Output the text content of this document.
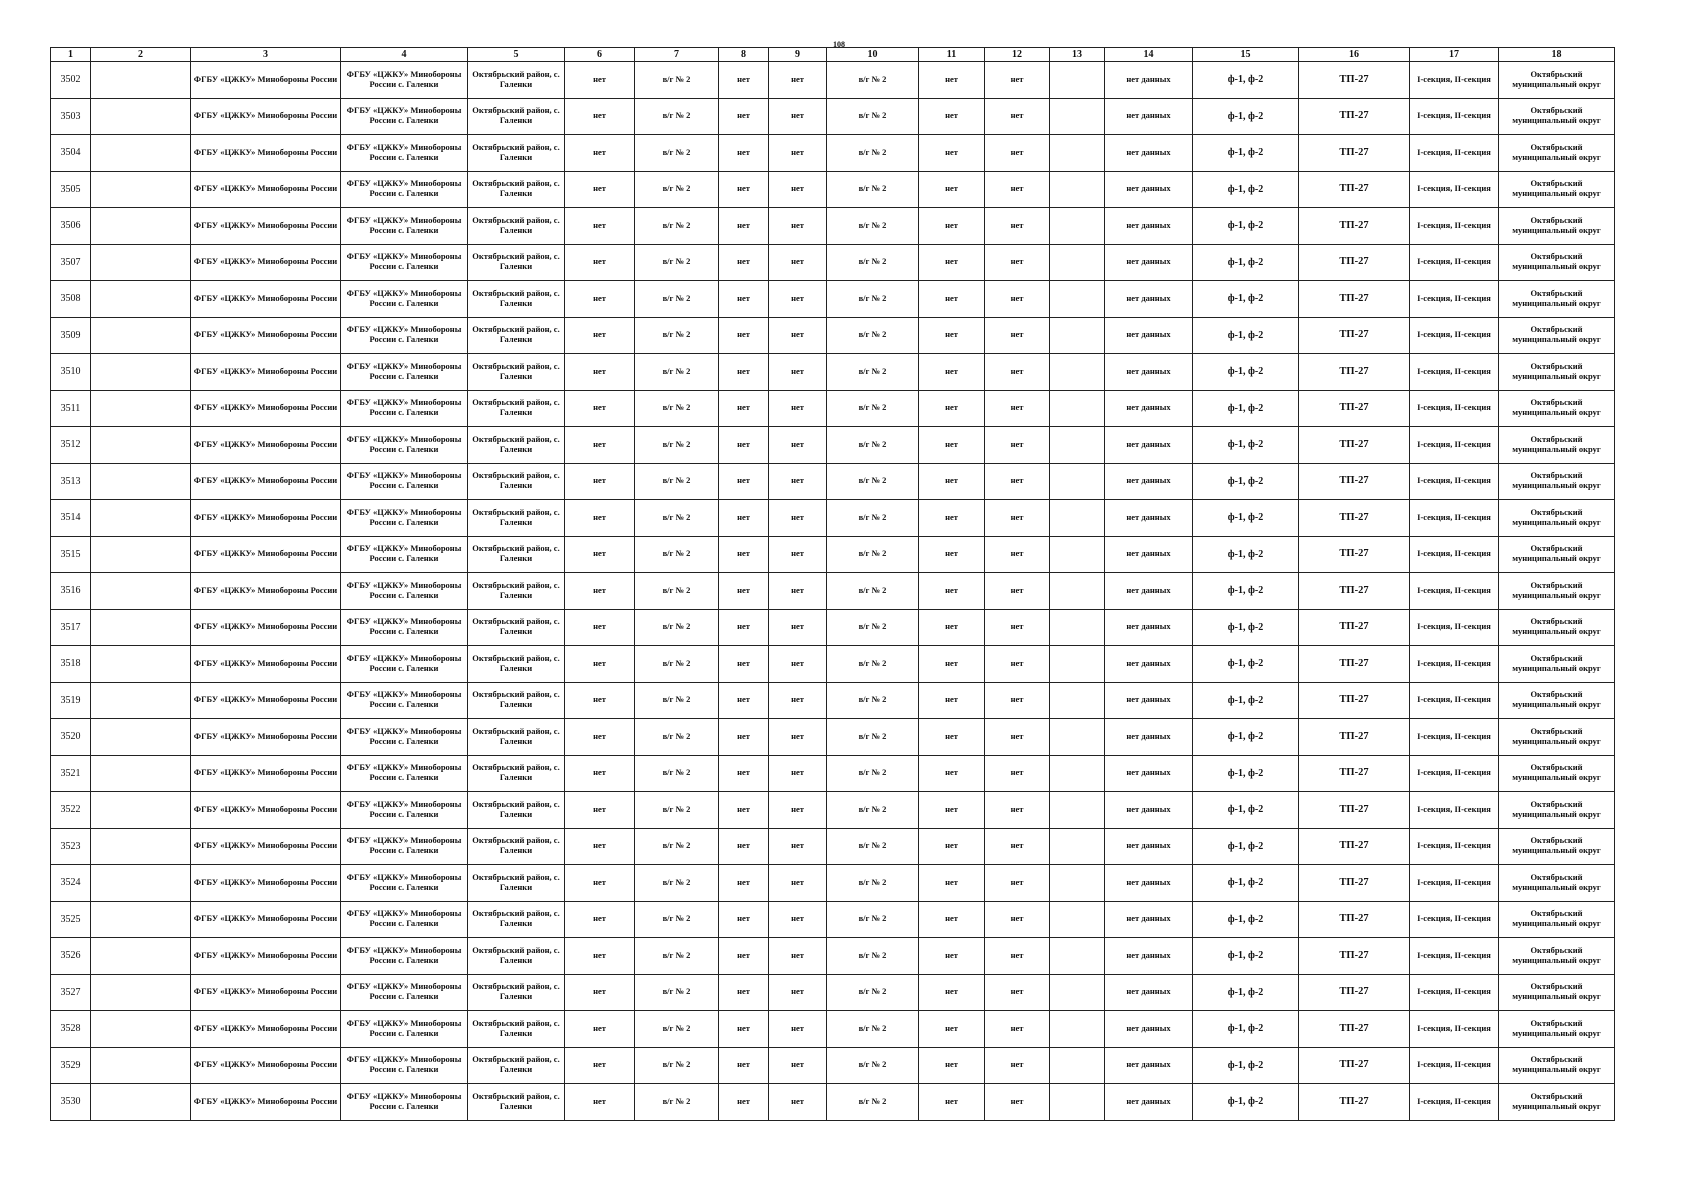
108
1	2	3	4	5	6	7	8	9	10	11	12	13	14	15	16	17	18
3502		ФГБУ «ЦЖКУ» Минобороны России	ФГБУ «ЦЖКУ» Минобороны России с. Галенки	Октябрьский район, с. Галенки	нет	в/г № 2	нет	нет	в/г № 2	нет	нет		нет данных	ф-1, ф-2	ТП-27	I-секция, II-секция	Октябрьский муниципальный округ
3503		ФГБУ «ЦЖКУ» Минобороны России	ФГБУ «ЦЖКУ» Минобороны России с. Галенки	Октябрьский район, с. Галенки	нет	в/г № 2	нет	нет	в/г № 2	нет	нет		нет данных	ф-1, ф-2	ТП-27	I-секция, II-секция	Октябрьский муниципальный округ
3504		ФГБУ «ЦЖКУ» Минобороны России	ФГБУ «ЦЖКУ» Минобороны России с. Галенки	Октябрьский район, с. Галенки	нет	в/г № 2	нет	нет	в/г № 2	нет	нет		нет данных	ф-1, ф-2	ТП-27	I-секция, II-секция	Октябрьский муниципальный округ
3505		ФГБУ «ЦЖКУ» Минобороны России	ФГБУ «ЦЖКУ» Минобороны России с. Галенки	Октябрьский район, с. Галенки	нет	в/г № 2	нет	нет	в/г № 2	нет	нет		нет данных	ф-1, ф-2	ТП-27	I-секция, II-секция	Октябрьский муниципальный округ
3506		ФГБУ «ЦЖКУ» Минобороны России	ФГБУ «ЦЖКУ» Минобороны России с. Галенки	Октябрьский район, с. Галенки	нет	в/г № 2	нет	нет	в/г № 2	нет	нет		нет данных	ф-1, ф-2	ТП-27	I-секция, II-секция	Октябрьский муниципальный округ
3507		ФГБУ «ЦЖКУ» Минобороны России	ФГБУ «ЦЖКУ» Минобороны России с. Галенки	Октябрьский район, с. Галенки	нет	в/г № 2	нет	нет	в/г № 2	нет	нет		нет данных	ф-1, ф-2	ТП-27	I-секция, II-секция	Октябрьский муниципальный округ
3508		ФГБУ «ЦЖКУ» Минобороны России	ФГБУ «ЦЖКУ» Минобороны России с. Галенки	Октябрьский район, с. Галенки	нет	в/г № 2	нет	нет	в/г № 2	нет	нет		нет данных	ф-1, ф-2	ТП-27	I-секция, II-секция	Октябрьский муниципальный округ
3509		ФГБУ «ЦЖКУ» Минобороны России	ФГБУ «ЦЖКУ» Минобороны России с. Галенки	Октябрьский район, с. Галенки	нет	в/г № 2	нет	нет	в/г № 2	нет	нет		нет данных	ф-1, ф-2	ТП-27	I-секция, II-секция	Октябрьский муниципальный округ
3510		ФГБУ «ЦЖКУ» Минобороны России	ФГБУ «ЦЖКУ» Минобороны России с. Галенки	Октябрьский район, с. Галенки	нет	в/г № 2	нет	нет	в/г № 2	нет	нет		нет данных	ф-1, ф-2	ТП-27	I-секция, II-секция	Октябрьский муниципальный округ
3511		ФГБУ «ЦЖКУ» Минобороны России	ФГБУ «ЦЖКУ» Минобороны России с. Галенки	Октябрьский район, с. Галенки	нет	в/г № 2	нет	нет	в/г № 2	нет	нет		нет данных	ф-1, ф-2	ТП-27	I-секция, II-секция	Октябрьский муниципальный округ
3512		ФГБУ «ЦЖКУ» Минобороны России	ФГБУ «ЦЖКУ» Минобороны России с. Галенки	Октябрьский район, с. Галенки	нет	в/г № 2	нет	нет	в/г № 2	нет	нет		нет данных	ф-1, ф-2	ТП-27	I-секция, II-секция	Октябрьский муниципальный округ
3513		ФГБУ «ЦЖКУ» Минобороны России	ФГБУ «ЦЖКУ» Минобороны России с. Галенки	Октябрьский район, с. Галенки	нет	в/г № 2	нет	нет	в/г № 2	нет	нет		нет данных	ф-1, ф-2	ТП-27	I-секция, II-секция	Октябрьский муниципальный округ
3514		ФГБУ «ЦЖКУ» Минобороны России	ФГБУ «ЦЖКУ» Минобороны России с. Галенки	Октябрьский район, с. Галенки	нет	в/г № 2	нет	нет	в/г № 2	нет	нет		нет данных	ф-1, ф-2	ТП-27	I-секция, II-секция	Октябрьский муниципальный округ
3515		ФГБУ «ЦЖКУ» Минобороны России	ФГБУ «ЦЖКУ» Минобороны России с. Галенки	Октябрьский район, с. Галенки	нет	в/г № 2	нет	нет	в/г № 2	нет	нет		нет данных	ф-1, ф-2	ТП-27	I-секция, II-секция	Октябрьский муниципальный округ
3516		ФГБУ «ЦЖКУ» Минобороны России	ФГБУ «ЦЖКУ» Минобороны России с. Галенки	Октябрьский район, с. Галенки	нет	в/г № 2	нет	нет	в/г № 2	нет	нет		нет данных	ф-1, ф-2	ТП-27	I-секция, II-секция	Октябрьский муниципальный округ
3517		ФГБУ «ЦЖКУ» Минобороны России	ФГБУ «ЦЖКУ» Минобороны России с. Галенки	Октябрьский район, с. Галенки	нет	в/г № 2	нет	нет	в/г № 2	нет	нет		нет данных	ф-1, ф-2	ТП-27	I-секция, II-секция	Октябрьский муниципальный округ
3518		ФГБУ «ЦЖКУ» Минобороны России	ФГБУ «ЦЖКУ» Минобороны России с. Галенки	Октябрьский район, с. Галенки	нет	в/г № 2	нет	нет	в/г № 2	нет	нет		нет данных	ф-1, ф-2	ТП-27	I-секция, II-секция	Октябрьский муниципальный округ
3519		ФГБУ «ЦЖКУ» Минобороны России	ФГБУ «ЦЖКУ» Минобороны России с. Галенки	Октябрьский район, с. Галенки	нет	в/г № 2	нет	нет	в/г № 2	нет	нет		нет данных	ф-1, ф-2	ТП-27	I-секция, II-секция	Октябрьский муниципальный округ
3520		ФГБУ «ЦЖКУ» Минобороны России	ФГБУ «ЦЖКУ» Минобороны России с. Галенки	Октябрьский район, с. Галенки	нет	в/г № 2	нет	нет	в/г № 2	нет	нет		нет данных	ф-1, ф-2	ТП-27	I-секция, II-секция	Октябрьский муниципальный округ
3521		ФГБУ «ЦЖКУ» Минобороны России	ФГБУ «ЦЖКУ» Минобороны России с. Галенки	Октябрьский район, с. Галенки	нет	в/г № 2	нет	нет	в/г № 2	нет	нет		нет данных	ф-1, ф-2	ТП-27	I-секция, II-секция	Октябрьский муниципальный округ
3522		ФГБУ «ЦЖКУ» Минобороны России	ФГБУ «ЦЖКУ» Минобороны России с. Галенки	Октябрьский район, с. Галенки	нет	в/г № 2	нет	нет	в/г № 2	нет	нет		нет данных	ф-1, ф-2	ТП-27	I-секция, II-секция	Октябрьский муниципальный округ
3523		ФГБУ «ЦЖКУ» Минобороны России	ФГБУ «ЦЖКУ» Минобороны России с. Галенки	Октябрьский район, с. Галенки	нет	в/г № 2	нет	нет	в/г № 2	нет	нет		нет данных	ф-1, ф-2	ТП-27	I-секция, II-секция	Октябрьский муниципальный округ
3524		ФГБУ «ЦЖКУ» Минобороны России	ФГБУ «ЦЖКУ» Минобороны России с. Галенки	Октябрьский район, с. Галенки	нет	в/г № 2	нет	нет	в/г № 2	нет	нет		нет данных	ф-1, ф-2	ТП-27	I-секция, II-секция	Октябрьский муниципальный округ
3525		ФГБУ «ЦЖКУ» Минобороны России	ФГБУ «ЦЖКУ» Минобороны России с. Галенки	Октябрьский район, с. Галенки	нет	в/г № 2	нет	нет	в/г № 2	нет	нет		нет данных	ф-1, ф-2	ТП-27	I-секция, II-секция	Октябрьский муниципальный округ
3526		ФГБУ «ЦЖКУ» Минобороны России	ФГБУ «ЦЖКУ» Минобороны России с. Галенки	Октябрьский район, с. Галенки	нет	в/г № 2	нет	нет	в/г № 2	нет	нет		нет данных	ф-1, ф-2	ТП-27	I-секция, II-секция	Октябрьский муниципальный округ
3527		ФГБУ «ЦЖКУ» Минобороны России	ФГБУ «ЦЖКУ» Минобороны России с. Галенки	Октябрьский район, с. Галенки	нет	в/г № 2	нет	нет	в/г № 2	нет	нет		нет данных	ф-1, ф-2	ТП-27	I-секция, II-секция	Октябрьский муниципальный округ
3528		ФГБУ «ЦЖКУ» Минобороны России	ФГБУ «ЦЖКУ» Минобороны России с. Галенки	Октябрьский район, с. Галенки	нет	в/г № 2	нет	нет	в/г № 2	нет	нет		нет данных	ф-1, ф-2	ТП-27	I-секция, II-секция	Октябрьский муниципальный округ
3529		ФГБУ «ЦЖКУ» Минобороны России	ФГБУ «ЦЖКУ» Минобороны России с. Галенки	Октябрьский район, с. Галенки	нет	в/г № 2	нет	нет	в/г № 2	нет	нет		нет данных	ф-1, ф-2	ТП-27	I-секция, II-секция	Октябрьский муниципальный округ
3530		ФГБУ «ЦЖКУ» Минобороны России	ФГБУ «ЦЖКУ» Минобороны России с. Галенки	Октябрьский район, с. Галенки	нет	в/г № 2	нет	нет	в/г № 2	нет	нет		нет данных	ф-1, ф-2	ТП-27	I-секция, II-секция	Октябрьский муниципальный округ
